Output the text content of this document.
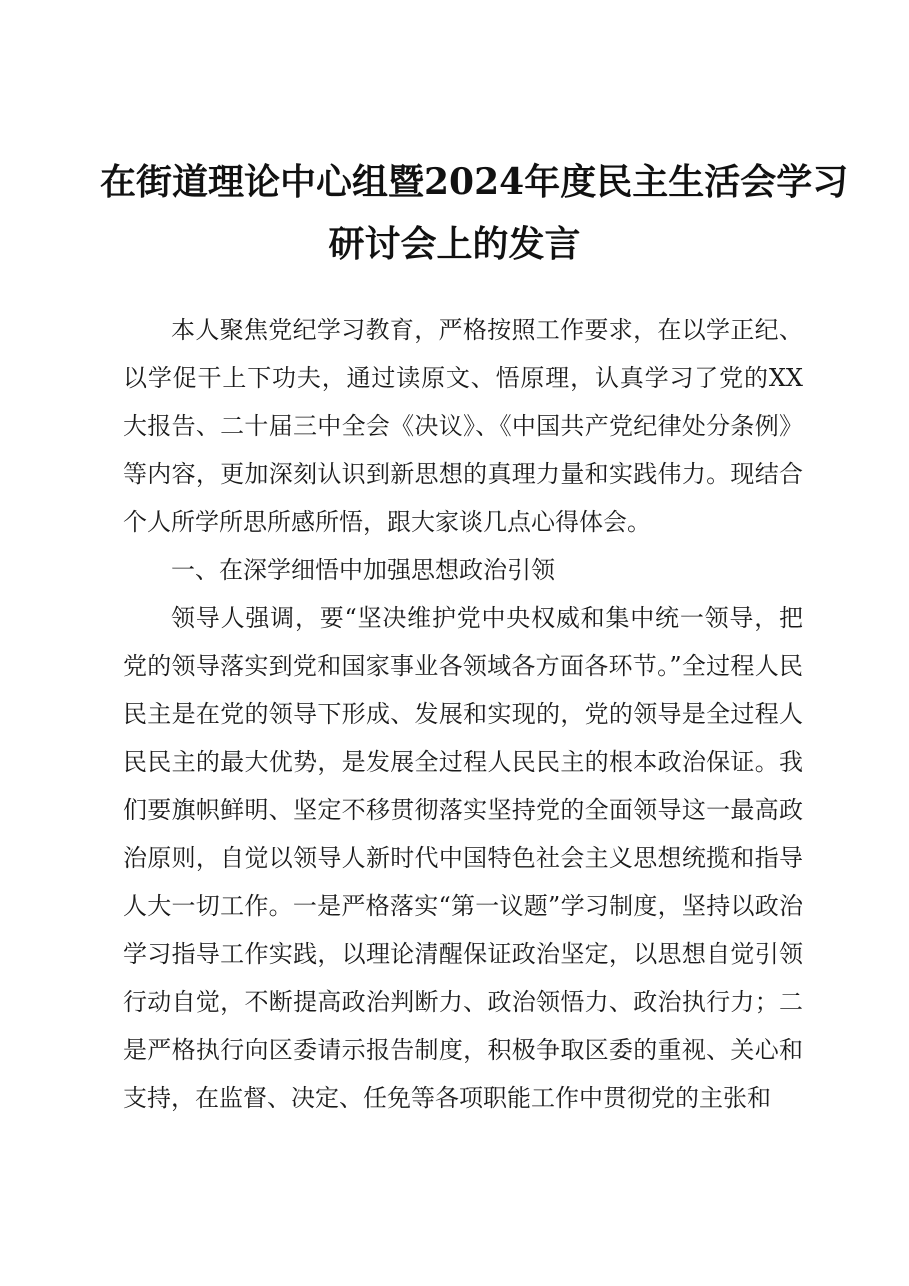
在街道理论中心组暨2024年度民主生活会学习
研讨会上的发言

本人聚焦党纪学习教育，严格按照工作要求，在以学正纪、以学促干上下功夫，通过读原文、悟原理，认真学习了党的XX大报告、二十届三中全会《决议》、《中国共产党纪律处分条例》等内容，更加深刻认识到新思想的真理力量和实践伟力。现结合个人所学所思所感所悟，跟大家谈几点心得体会。

一、在深学细悟中加强思想政治引领

领导人强调，要“坚决维护党中央权威和集中统一领导，把党的领导落实到党和国家事业各领域各方面各环节。”全过程人民民主是在党的领导下形成、发展和实现的，党的领导是全过程人民民主的最大优势，是发展全过程人民民主的根本政治保证。我们要旗帜鲜明、坚定不移贯彻落实坚持党的全面领导这一最高政治原则，自觉以领导人新时代中国特色社会主义思想统揽和指导人大一切工作。一是严格落实“第一议题”学习制度，坚持以政治学习指导工作实践，以理论清醒保证政治坚定，以思想自觉引领行动自觉，不断提高政治判断力、政治领悟力、政治执行力；二是严格执行向区委请示报告制度，积极争取区委的重视、关心和支持，在监督、决定、任免等各项职能工作中贯彻党的主张和
